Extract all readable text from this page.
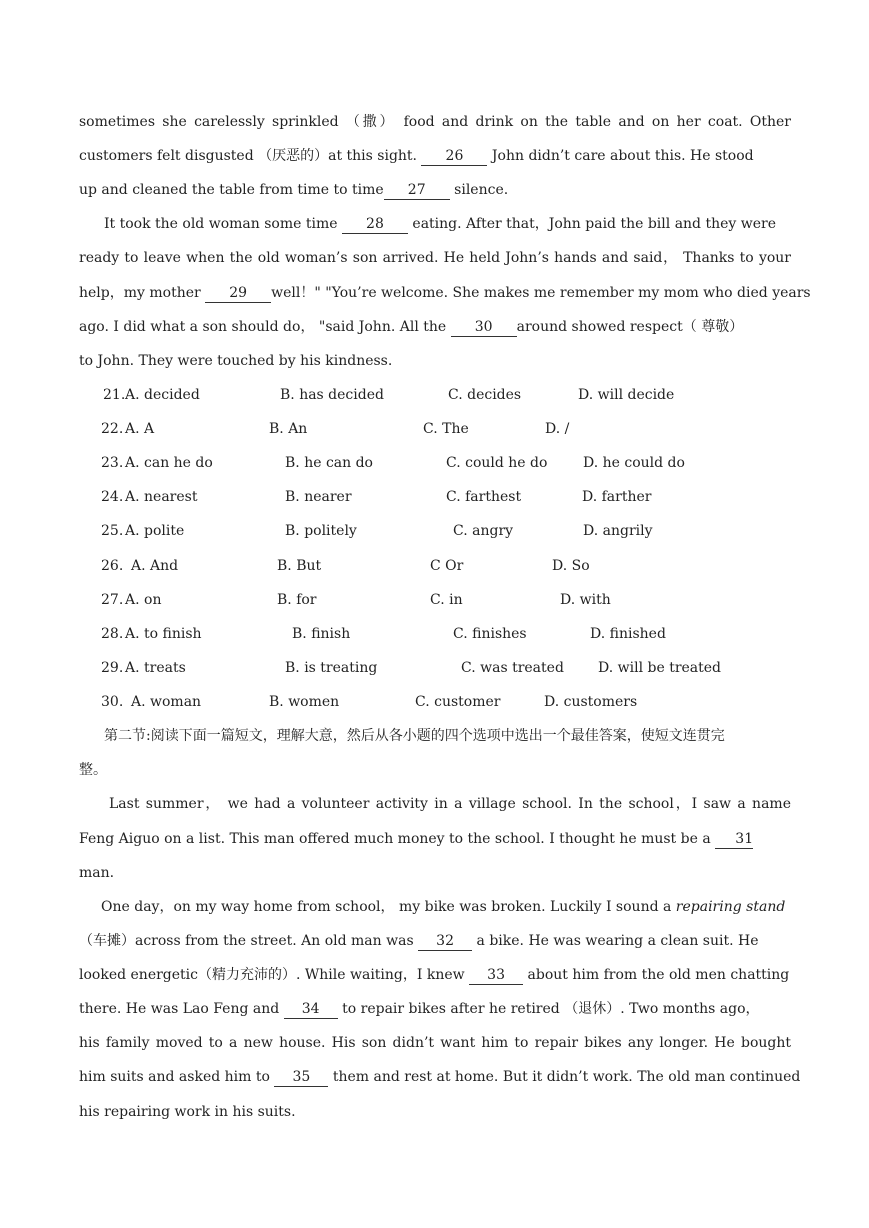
sometimes she carelessly sprinkled （撒） food and drink on the table and on her coat. Other
customers felt disgusted （厌恶的）at this sight. 26 John didn’t care about this. He stood
up and cleaned the table from time to time 27 silence.
It took the old woman some time 28 eating. After that，John paid the bill and they were
ready to leave when the old woman’s son arrived. He held John’s hands and said， Thanks to your
help，my mother 29 well！" "You’re welcome. She makes me remember my mom who died years
ago. I did what a son should do， "said John. All the 30 around showed respect（ 尊敬）
to John. They were touched by his kindness.
21. A. decided	B. has decided	C. decides	D. will decide
22. A. A	B. An	C. The	D. /
23. A. can he do	B. he can do	C. could he do	D. he could do
24. A. nearest	B. nearer	C. farthest	D. farther
25. A. polite	B. politely	C. angry	D. angrily
26. A. And	B. But	C Or	D. So
27. A. on	B. for	C. in	D. with
28. A. to finish	B. finish	C. finishes	D. finished
29. A. treats	B. is treating	C. was treated D. will be treated
30. A. woman	B. women	C. customer	D. customers
第二节:阅读下面一篇短文，理解大意，然后从各小题的四个选项中选出一个最佳答案，使短文连贯完
整。
Last summer， we had a volunteer activity in a village school. In the school，I saw a name
Feng Aiguo on a list. This man offered much money to the school. I thought he must be a 31
man.
One day，on my way home from school， my bike was broken. Luckily I sound a repairing stand
（车摊）across from the street. An old man was 32 a bike. He was wearing a clean suit. He
looked energetic（精力充沛的）. While waiting，I knew 33 about him from the old men chatting
there. He was Lao Feng and 34 to repair bikes after he retired （退休）. Two months ago，
his family moved to a new house. His son didn’t want him to repair bikes any longer. He bought
him suits and asked him to 35 them and rest at home. But it didn’t work. The old man continued
his repairing work in his suits.
